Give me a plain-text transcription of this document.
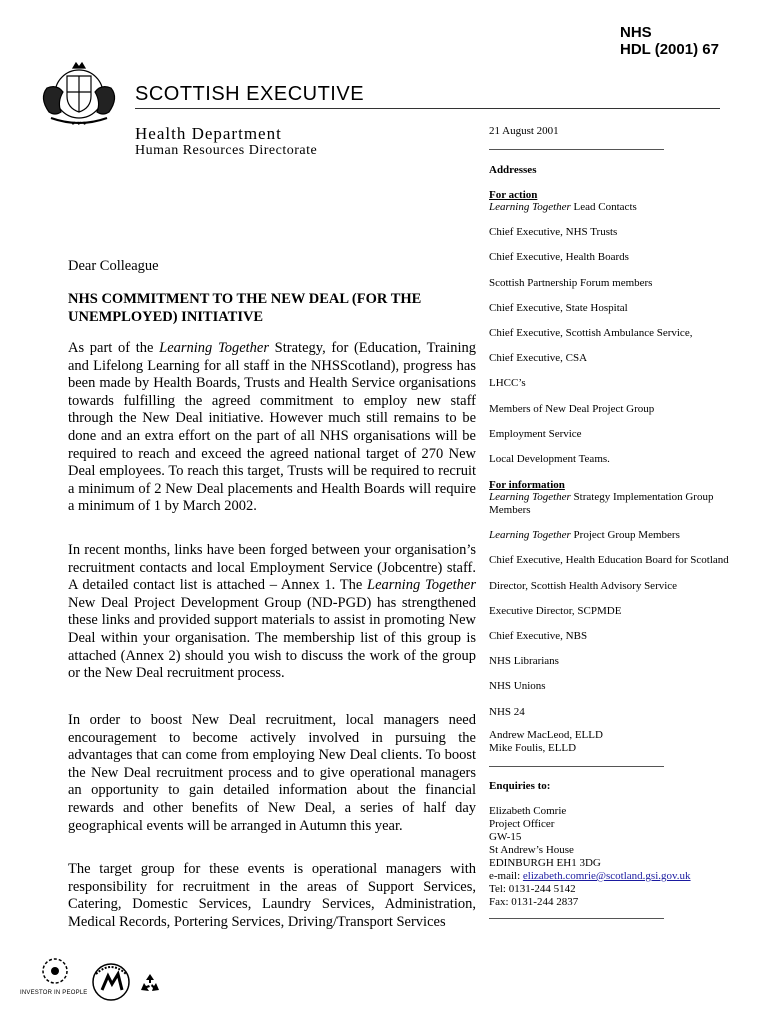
NHS
HDL (2001) 67
❦ ❦ ❦
SCOTTISH EXECUTIVE
Health Department
Human Resources Directorate
Dear Colleague
NHS COMMITMENT TO THE NEW DEAL (FOR THE UNEMPLOYED) INITIATIVE
As part of the Learning Together Strategy, for (Education, Training and Lifelong Learning for all staff in the NHSScotland), progress has been made by Health Boards, Trusts and Health Service organisations towards fulfilling the agreed commitment to employ new staff through the New Deal initiative. However much still remains to be done and an extra effort on the part of all NHS organisations will be required to reach and exceed the agreed national target of 270 New Deal employees. To reach this target, Trusts will be required to recruit a minimum of 2 New Deal placements and Health Boards will require a minimum of 1 by March 2002.
In recent months, links have been forged between your organisation’s recruitment contacts and local Employment Service (Jobcentre) staff. A detailed contact list is attached – Annex 1. The Learning Together New Deal Project Development Group (ND-PGD) has strengthened these links and provided support materials to assist in promoting New Deal within your organisation. The membership list of this group is attached (Annex 2) should you wish to discuss the work of the group or the New Deal recruitment process.
In order to boost New Deal recruitment, local managers need encouragement to become actively involved in pursuing the advantages that can come from employing New Deal clients. To boost the New Deal recruitment process and to give operational managers an opportunity to gain detailed information about the financial rewards and other benefits of New Deal, a series of half day geographical events will be arranged in Autumn this year.
The target group for these events is operational managers with responsibility for recruitment in the areas of Support Services, Catering, Domestic Services, Laundry Services, Administration, Medical Records, Portering Services, Driving/Transport Services
21 August 2001
Addresses
For action
Learning Together Lead Contacts
Chief Executive, NHS Trusts
Chief Executive, Health Boards
Scottish Partnership Forum members
Chief Executive, State Hospital
Chief Executive, Scottish Ambulance Service,
Chief Executive, CSA
LHCC’s
Members of New Deal Project Group
Employment Service
Local Development Teams.
For information
Learning Together Strategy Implementation Group Members
Learning Together Project Group Members
Chief Executive, Health Education Board for Scotland
Director, Scottish Health Advisory Service
Executive Director, SCPMDE
Chief Executive, NBS
NHS Librarians
NHS Unions
NHS 24
Andrew MacLeod, ELLD
Mike Foulis, ELLD
Enquiries to:
Elizabeth Comrie
Project Officer
GW-15
St Andrew’s House
EDINBURGH EH1 3DG
e-mail: elizabeth.comrie@scotland.gsi.gov.uk
Tel: 0131-244 5142
Fax: 0131-244 2837
INVESTOR IN PEOPLE
